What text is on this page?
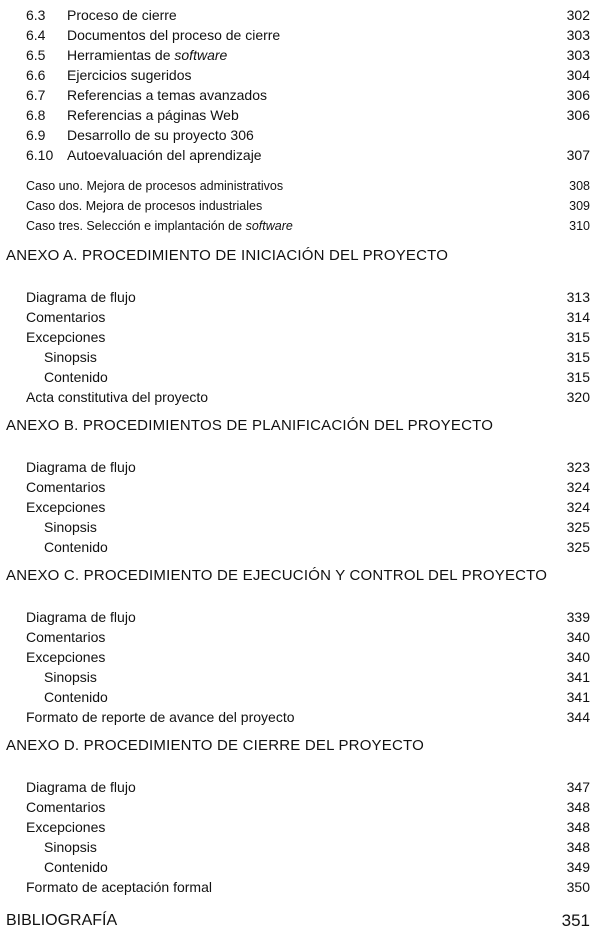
6.3 Proceso de cierre	302
6.4 Documentos del proceso de cierre	303
6.5 Herramientas de software	303
6.6 Ejercicios sugeridos	304
6.7 Referencias a temas avanzados	306
6.8 Referencias a páginas Web	306
6.9 Desarrollo de su proyecto 306
6.10 Autoevaluación del aprendizaje	307
Caso uno. Mejora de procesos administrativos	308
Caso dos. Mejora de procesos industriales	309
Caso tres. Selección e implantación de software	310
ANEXO A. PROCEDIMIENTO DE INICIACIÓN DEL PROYECTO
Diagrama de flujo	313
Comentarios	314
Excepciones	315
Sinopsis	315
Contenido	315
Acta constitutiva del proyecto	320
ANEXO B. PROCEDIMIENTOS DE PLANIFICACIÓN DEL PROYECTO
Diagrama de flujo	323
Comentarios	324
Excepciones	324
Sinopsis	325
Contenido	325
ANEXO C. PROCEDIMIENTO DE EJECUCIÓN Y CONTROL DEL PROYECTO
Diagrama de flujo	339
Comentarios	340
Excepciones	340
Sinopsis	341
Contenido	341
Formato de reporte de avance del proyecto	344
ANEXO D. PROCEDIMIENTO DE CIERRE DEL PROYECTO
Diagrama de flujo	347
Comentarios	348
Excepciones	348
Sinopsis	348
Contenido	349
Formato de aceptación formal	350
BIBLIOGRAFÍA	351
